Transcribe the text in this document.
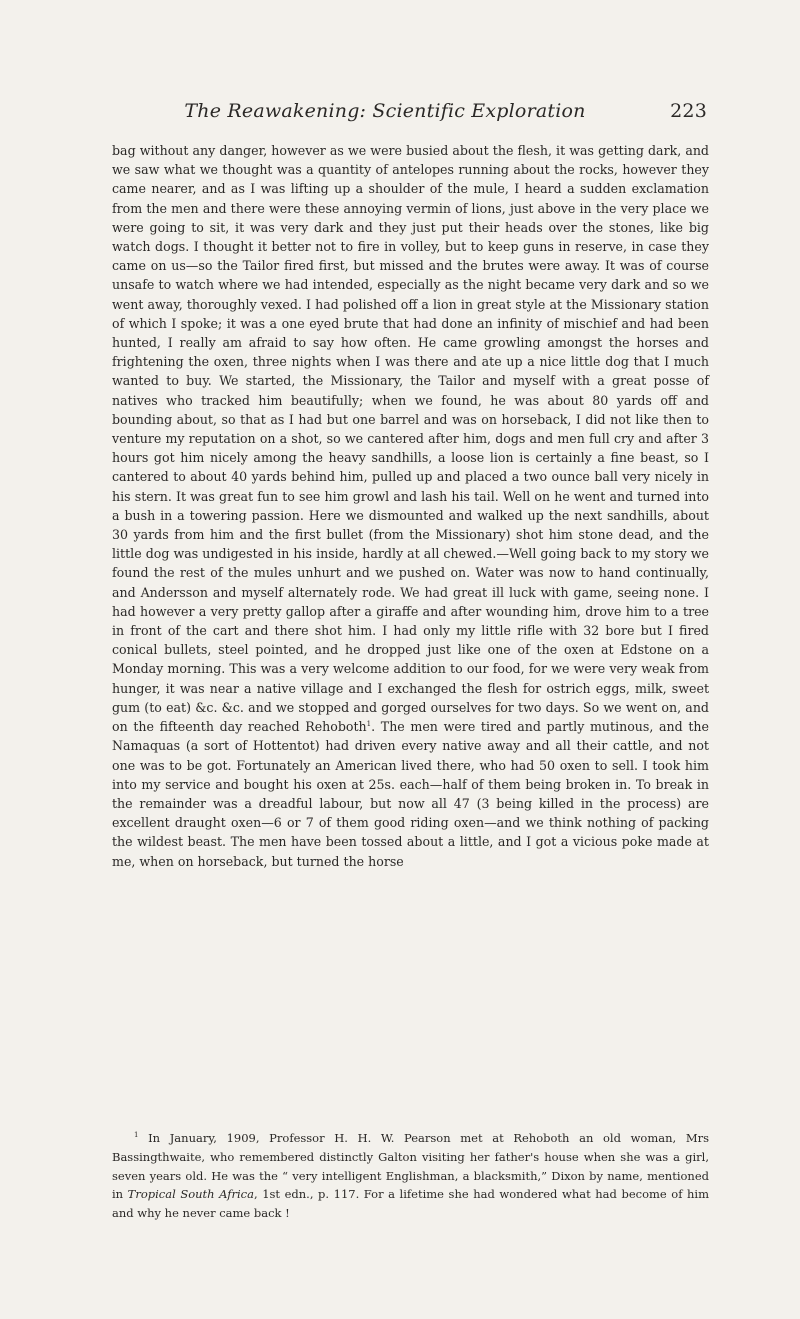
The Reawakening: Scientific Exploration	223

bag without any danger, however as we were busied about the flesh, it was getting dark, and we saw what we thought was a quantity of antelopes running about the rocks, however they came nearer, and as I was lifting up a shoulder of the mule, I heard a sudden exclamation from the men and there were these annoying vermin of lions, just above in the very place we were going to sit, it was very dark and they just put their heads over the stones, like big watch dogs. I thought it better not to fire in volley, but to keep guns in reserve, in case they came on us—so the Tailor fired first, but missed and the brutes were away. It was of course unsafe to watch where we had intended, especially as the night became very dark and so we went away, thoroughly vexed. I had polished off a lion in great style at the Missionary station of which I spoke; it was a one eyed brute that had done an infinity of mischief and had been hunted, I really am afraid to say how often. He came growling amongst the horses and frightening the oxen, three nights when I was there and ate up a nice little dog that I much wanted to buy. We started, the Missionary, the Tailor and myself with a great posse of natives who tracked him beautifully; when we found, he was about 80 yards off and bounding about, so that as I had but one barrel and was on horseback, I did not like then to venture my reputation on a shot, so we cantered after him, dogs and men full cry and after 3 hours got him nicely among the heavy sandhills, a loose lion is certainly a fine beast, so I cantered to about 40 yards behind him, pulled up and placed a two ounce ball very nicely in his stern. It was great fun to see him growl and lash his tail. Well on he went and turned into a bush in a towering passion. Here we dismounted and walked up the next sandhills, about 30 yards from him and the first bullet (from the Missionary) shot him stone dead, and the little dog was undigested in his inside, hardly at all chewed.—Well going back to my story we found the rest of the mules unhurt and we pushed on. Water was now to hand continually, and Andersson and myself alternately rode. We had great ill luck with game, seeing none. I had however a very pretty gallop after a giraffe and after wounding him, drove him to a tree in front of the cart and there shot him. I had only my little rifle with 32 bore but I fired conical bullets, steel pointed, and he dropped just like one of the oxen at Edstone on a Monday morning. This was a very welcome addition to our food, for we were very weak from hunger, it was near a native village and I exchanged the flesh for ostrich eggs, milk, sweet gum (to eat) &c. &c. and we stopped and gorged ourselves for two days. So we went on, and on the fifteenth day reached Rehoboth$^1$. The men were tired and partly mutinous, and the Namaquas (a sort of Hottentot) had driven every native away and all their cattle, and not one was to be got. Fortunately an American lived there, who had 50 oxen to sell. I took him into my service and bought his oxen at 25s. each—half of them being broken in. To break in the remainder was a dreadful labour, but now all 47 (3 being killed in the process) are excellent draught oxen—6 or 7 of them good riding oxen—and we think nothing of packing the wildest beast. The men have been tossed about a little, and I got a vicious poke made at me, when on horseback, but turned the horse

$^1$ In January, 1909, Professor H. H. W. Pearson met at Rehoboth an old woman, Mrs Bassingthwaite, who remembered distinctly Galton visiting her father's house when she was a girl, seven years old. He was the “ very intelligent Englishman, a blacksmith,” Dixon by name, mentioned in Tropical South Africa, 1st edn., p. 117. For a lifetime she had wondered what had become of him and why he never came back !
